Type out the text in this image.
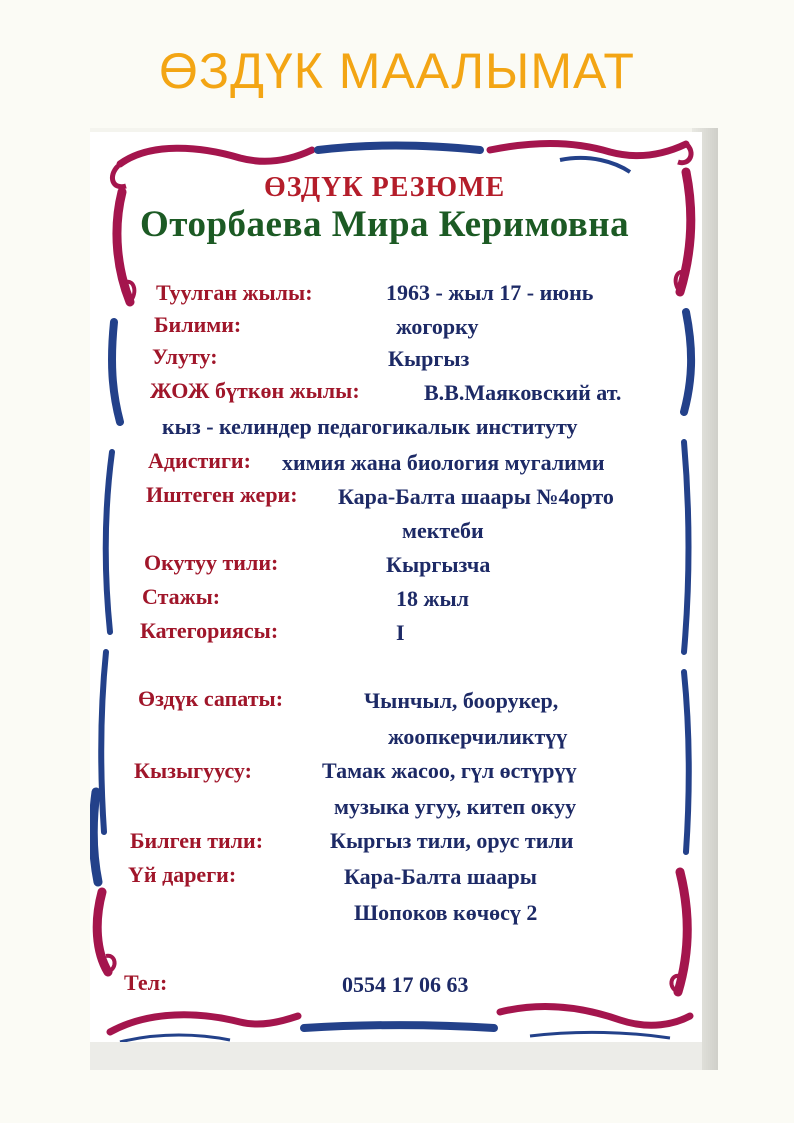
ӨЗДҮК МААЛЫМАТ
ӨЗДҮК РЕЗЮМЕ
Оторбаева Мира Керимовна
Туулган жылы:	1963 - жыл 17 - июнь
Билими:	жогорку
Улуту:	Кыргыз
ЖОЖ бүткөн жылы:	В.В.Маяковский ат.
кыз - келиндер педагогикалык институту
Адистиги: химия жана биология мугалими
Иштеген жери: Кара-Балта шаары №4орто
мектеби
Окутуу тили:	Кыргызча
Стажы:	18 жыл
Категориясы:	I
Өздүк сапаты:	Чынчыл, боорукер,
жоопкерчиликтүү
Кызыгуусу:	Тамак жасоо, гүл өстүрүү
музыка угуу, китеп окуу
Билген тили:	Кыргыз тили, орус тили
Үй дареги:	Кара-Балта шаары
Шопоков көчөсү 2
Тел:	0554 17 06 63
